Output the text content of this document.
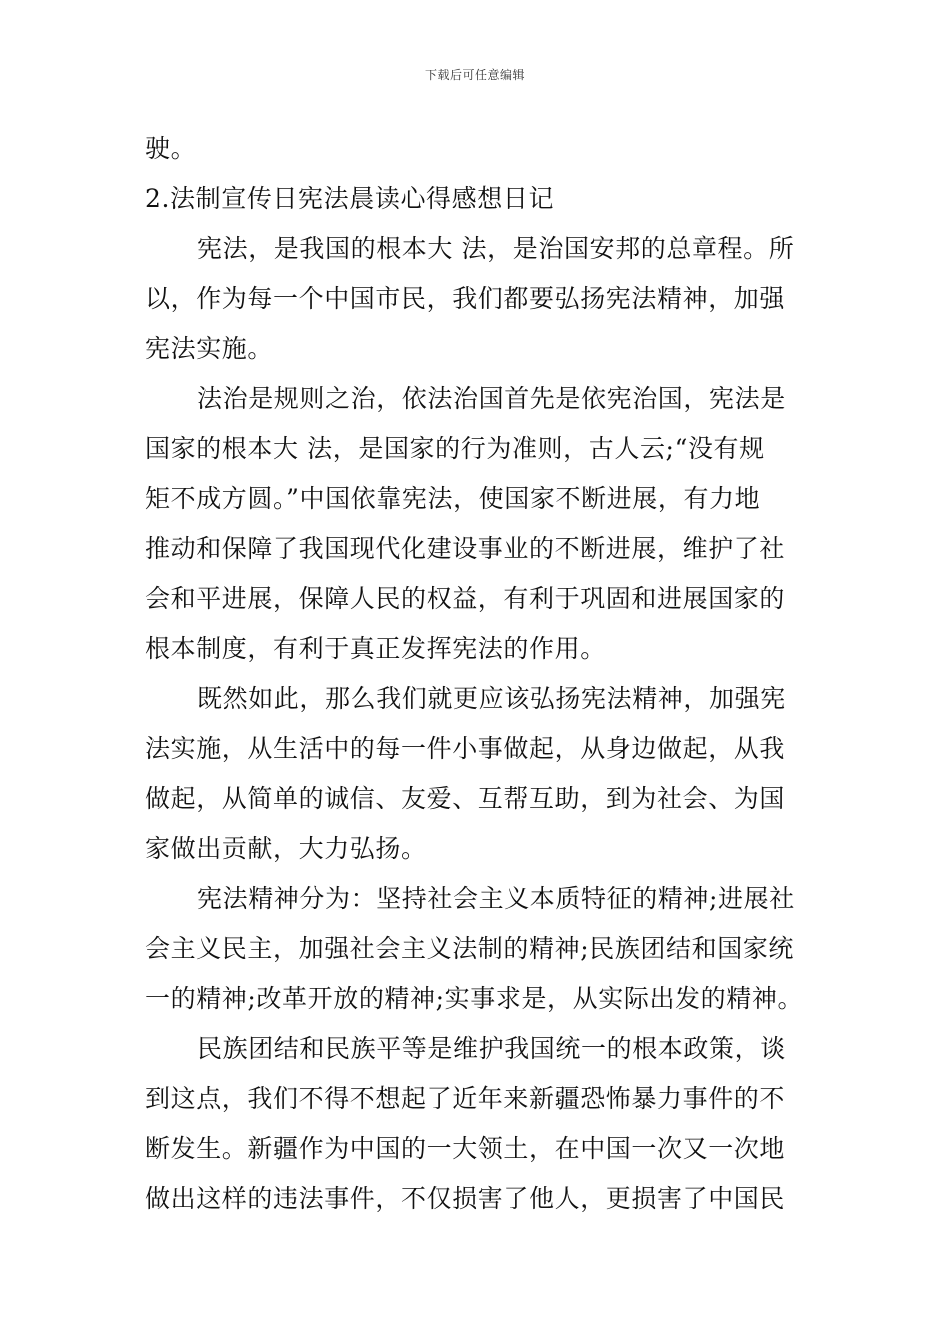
下载后可任意编辑
驶。
2.法制宣传日宪法晨读心得感想日记
宪法，是我国的根本大 法，是治国安邦的总章程。所
以，作为每一个中国市民，我们都要弘扬宪法精神，加强
宪法实施。
法治是规则之治，依法治国首先是依宪治国，宪法是
国家的根本大 法，是国家的行为准则，古人云;“没有规
矩不成方圆。”中国依靠宪法，使国家不断进展，有力地
推动和保障了我国现代化建设事业的不断进展，维护了社
会和平进展，保障人民的权益，有利于巩固和进展国家的
根本制度，有利于真正发挥宪法的作用。
既然如此，那么我们就更应该弘扬宪法精神，加强宪
法实施，从生活中的每一件小事做起，从身边做起，从我
做起，从简单的诚信、友爱、互帮互助，到为社会、为国
家做出贡献，大力弘扬。
宪法精神分为：坚持社会主义本质特征的精神;进展社
会主义民主，加强社会主义法制的精神;民族团结和国家统
一的精神;改革开放的精神;实事求是，从实际出发的精神。
民族团结和民族平等是维护我国统一的根本政策，谈
到这点，我们不得不想起了近年来新疆恐怖暴力事件的不
断发生。新疆作为中国的一大领土，在中国一次又一次地
做出这样的违法事件，不仅损害了他人，更损害了中国民
